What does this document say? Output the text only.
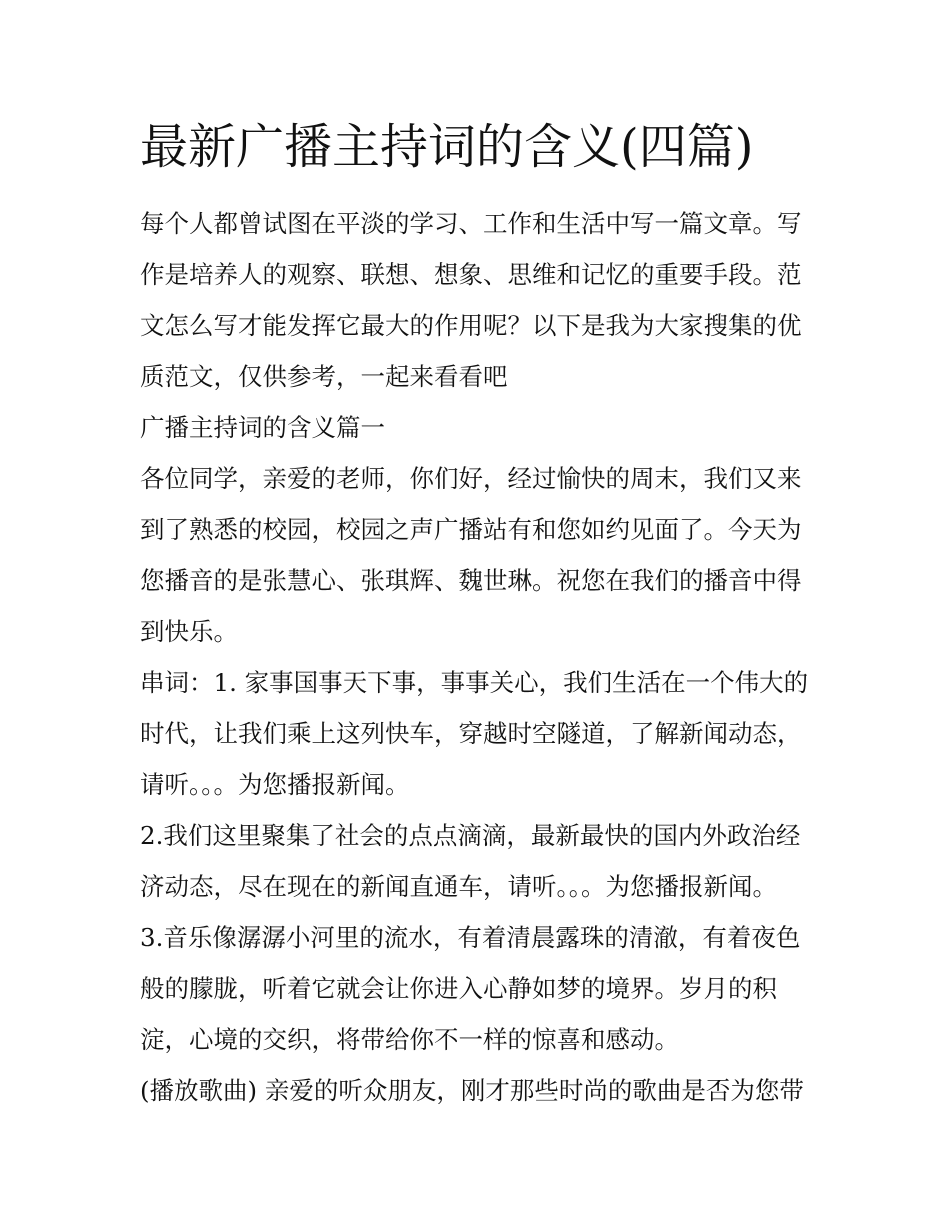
最新广播主持词的含义(四篇)

每个人都曾试图在平淡的学习、工作和生活中写一篇文章。写作是培养人的观察、联想、想象、思维和记忆的重要手段。范文怎么写才能发挥它最大的作用呢？以下是我为大家搜集的优质范文，仅供参考，一起来看看吧

广播主持词的含义篇一

各位同学，亲爱的老师，你们好，经过愉快的周末，我们又来到了熟悉的校园，校园之声广播站有和您如约见面了。今天为您播音的是张慧心、张琪辉、魏世琳。祝您在我们的播音中得到快乐。

串词：1. 家事国事天下事，事事关心，我们生活在一个伟大的时代，让我们乘上这列快车，穿越时空隧道，了解新闻动态，请听。。。为您播报新闻。

2.我们这里聚集了社会的点点滴滴，最新最快的国内外政治经济动态，尽在现在的新闻直通车，请听。。。为您播报新闻。

3.音乐像潺潺小河里的流水，有着清晨露珠的清澈，有着夜色般的朦胧，听着它就会让你进入心静如梦的境界。岁月的积淀，心境的交织，将带给你不一样的惊喜和感动。

(播放歌曲) 亲爱的听众朋友，刚才那些时尚的歌曲是否为您带
